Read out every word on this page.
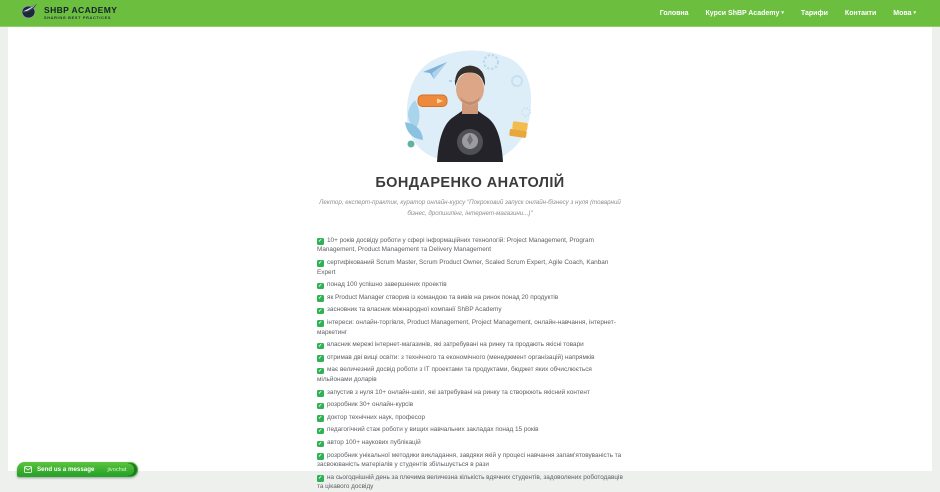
SHBP ACADEMY
SHARING BEST PRACTICES
Головна Курси ShBP Academy ▾ Тарифи Контакти Мова ▾
БОНДАРЕНКО АНАТОЛІЙ

Лектор, експерт-практик, куратор онлайн-курсу "Покроковий запуск онлайн-бізнесу з нуля (товарний бізнес, дропшипінг, інтернет-магазини...)"

✓ 10+ років досвіду роботи у сфері інформаційних технологій: Project Management, Program Management, Product Management та Delivery Management
✓ сертифікований Scrum Master, Scrum Product Owner, Scaled Scrum Expert, Agile Coach, Kanban Expert
✓ понад 100 успішно завершених проектів
✓ як Product Manager створив із командою та вивів на ринок понад 20 продуктів
✓ засновник та власник міжнародної компанії ShBP Academy
✓ інтереси: онлайн-торгівля, Product Management, Project Management, онлайн-навчання, інтернет-маркетинг
✓ власник мережі інтернет-магазинів, які затребувані на ринку та продають якісні товари
✓ отримав дві вищі освіти: з технічного та економічного (менеджмент організацій) напрямків
✓ має величезний досвід роботи з ІТ проектами та продуктами, бюджет яких обчислюється мільйонами доларів
✓ запустив з нуля 10+ онлайн-шкіл, які затребувані на ринку та створюють якісний контент
✓ розробник 30+ онлайн-курсів
✓ доктор технічних наук, професор
✓ педагогічний стаж роботи у вищих навчальних закладах понад 15 років
✓ автор 100+ наукових публікацій
✓ розробник унікальної методики викладання, завдяки якій у процесі навчання запам'ятовуваність та засвоюваність матеріалів у студентів збільшується в рази
✓ на сьогоднішній день за плечима величезна кількість вдячних студентів, задоволених роботодавців та цікавого досвіду
Send us a message jivochat
